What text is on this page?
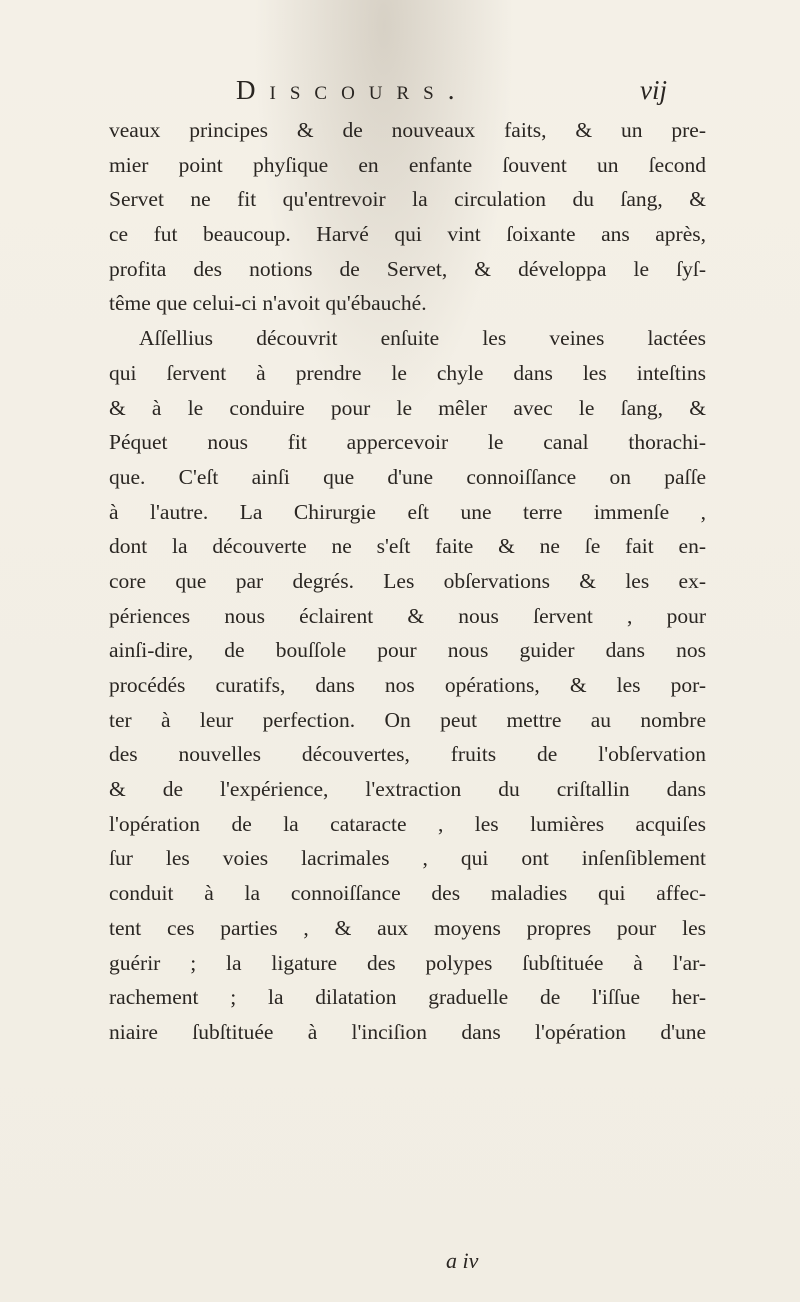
Discours.	vij
veaux principes & de nouveaux faits, & un pre-
mier point phyſique en enfante ſouvent un ſecond
Servet ne fit qu'entrevoir la circulation du ſang, &
ce fut beaucoup. Harvé qui vint ſoixante ans après,
profita des notions de Servet, & développa le ſyſ-
tême que celui-ci n'avoit qu'ébauché.
Aſſellius découvrit enſuite les veines lactées
qui ſervent à prendre le chyle dans les inteſtins
& à le conduire pour le mêler avec le ſang, &
Péquet nous fit appercevoir le canal thorachi-
que. C'eſt ainſi que d'une connoiſſance on paſſe
à l'autre. La Chirurgie eſt une terre immenſe ,
dont la découverte ne s'eſt faite & ne ſe fait en-
core que par degrés. Les obſervations & les ex-
périences nous éclairent & nous ſervent , pour
ainſi-dire, de bouſſole pour nous guider dans nos
procédés curatifs, dans nos opérations, & les por-
ter à leur perfection. On peut mettre au nombre
des nouvelles découvertes, fruits de l'obſervation
& de l'expérience, l'extraction du criſtallin dans
l'opération de la cataracte , les lumières acquiſes
ſur les voies lacrimales , qui ont inſenſiblement
conduit à la connoiſſance des maladies qui affec-
tent ces parties , & aux moyens propres pour les
guérir ; la ligature des polypes ſubſtituée à l'ar-
rachement ; la dilatation graduelle de l'iſſue her-
niaire ſubſtituée à l'inciſion dans l'opération d'une
a iv
